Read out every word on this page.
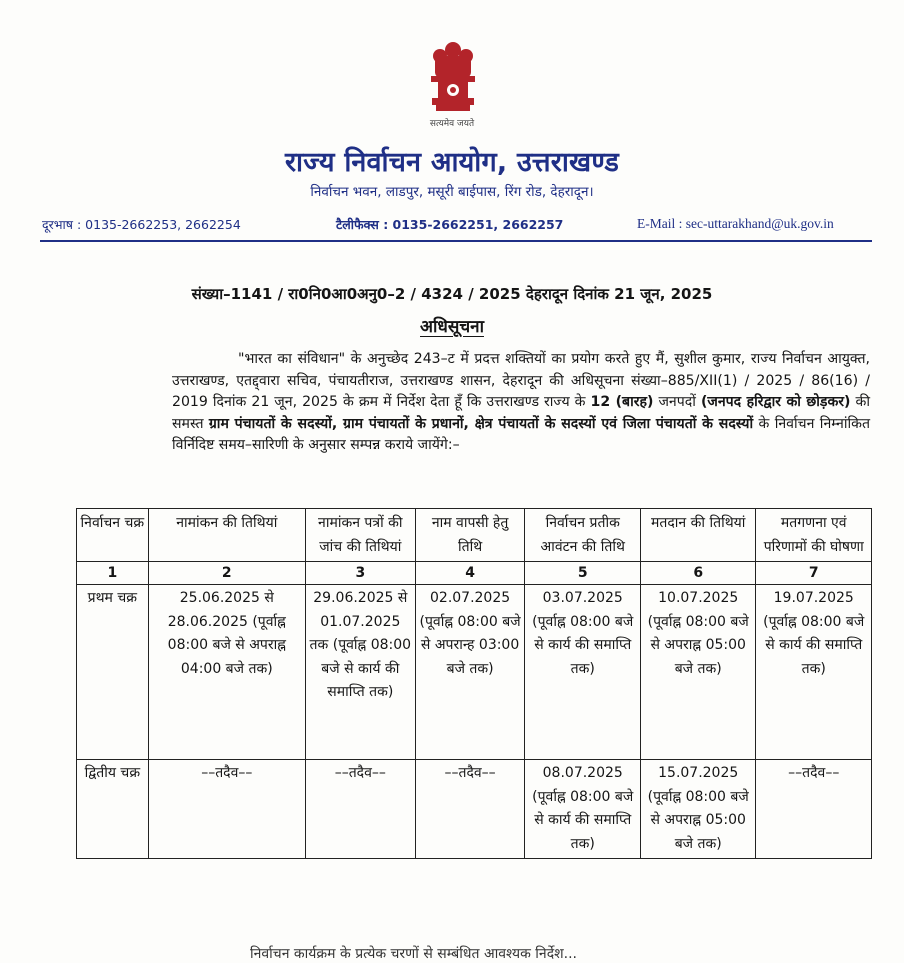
सत्यमेव जयते
राज्य निर्वाचन आयोग, उत्तराखण्ड
निर्वाचन भवन, लाडपुर, मसूरी बाईपास, रिंग रोड, देहरादून।
दूरभाष : 0135-2662253, 2662254	टैलीफैक्स : 0135-2662251, 2662257	E-Mail : sec-uttarakhand@uk.gov.in
संख्या–1141 / रा0नि0आ0अनु0–2 / 4324 / 2025 देहरादून दिनांक 21 जून, 2025
अधिसूचना
"भारत का संविधान" के अनुच्छेद 243–ट में प्रदत्त शक्तियों का प्रयोग करते हुए मैं, सुशील कुमार, राज्य निर्वाचन आयुक्त, उत्तराखण्ड, एतद्द्वारा सचिव, पंचायतीराज, उत्तराखण्ड शासन, देहरादून की अधिसूचना संख्या–885/XII(1) / 2025 / 86(16) / 2019 दिनांक 21 जून, 2025 के क्रम में निर्देश देता हूँ कि उत्तराखण्ड राज्य के 12 (बारह) जनपदों (जनपद हरिद्वार को छोड़कर) की समस्त ग्राम पंचायतों के सदस्यों, ग्राम पंचायतों के प्रधानों, क्षेत्र पंचायतों के सदस्यों एवं जिला पंचायतों के सदस्यों के निर्वाचन निम्नांकित विर्निदिष्ट समय–सारिणी के अनुसार सम्पन्न कराये जायेंगे:–
निर्वाचन चक्र	नामांकन की तिथियां	नामांकन पत्रों की जांच की तिथियां	नाम वापसी हेतु तिथि	निर्वाचन प्रतीक आवंटन की तिथि	मतदान की तिथियां	मतगणना एवं परिणामों की घोषणा
1	2	3	4	5	6	7
प्रथम चक्र	25.06.2025 से 28.06.2025 (पूर्वाह्न 08:00 बजे से अपराह्न 04:00 बजे तक)	29.06.2025 से 01.07.2025 तक (पूर्वाह्न 08:00 बजे से कार्य की समाप्ति तक)	02.07.2025 (पूर्वाह्न 08:00 बजे से अपरान्ह 03:00 बजे तक)	03.07.2025 (पूर्वाह्न 08:00 बजे से कार्य की समाप्ति तक)	10.07.2025 (पूर्वाह्न 08:00 बजे से अपराह्न 05:00 बजे तक)	19.07.2025 (पूर्वाह्न 08:00 बजे से कार्य की समाप्ति तक)
द्वितीय चक्र	––तदैव––	––तदैव––	––तदैव––	08.07.2025 (पूर्वाह्न 08:00 बजे से कार्य की समाप्ति तक)	15.07.2025 (पूर्वाह्न 08:00 बजे से अपराह्न 05:00 बजे तक)	––तदैव––
निर्वाचन कार्यक्रम के प्रत्येक चरणों से सम्बंधित आवश्यक निर्देश...
